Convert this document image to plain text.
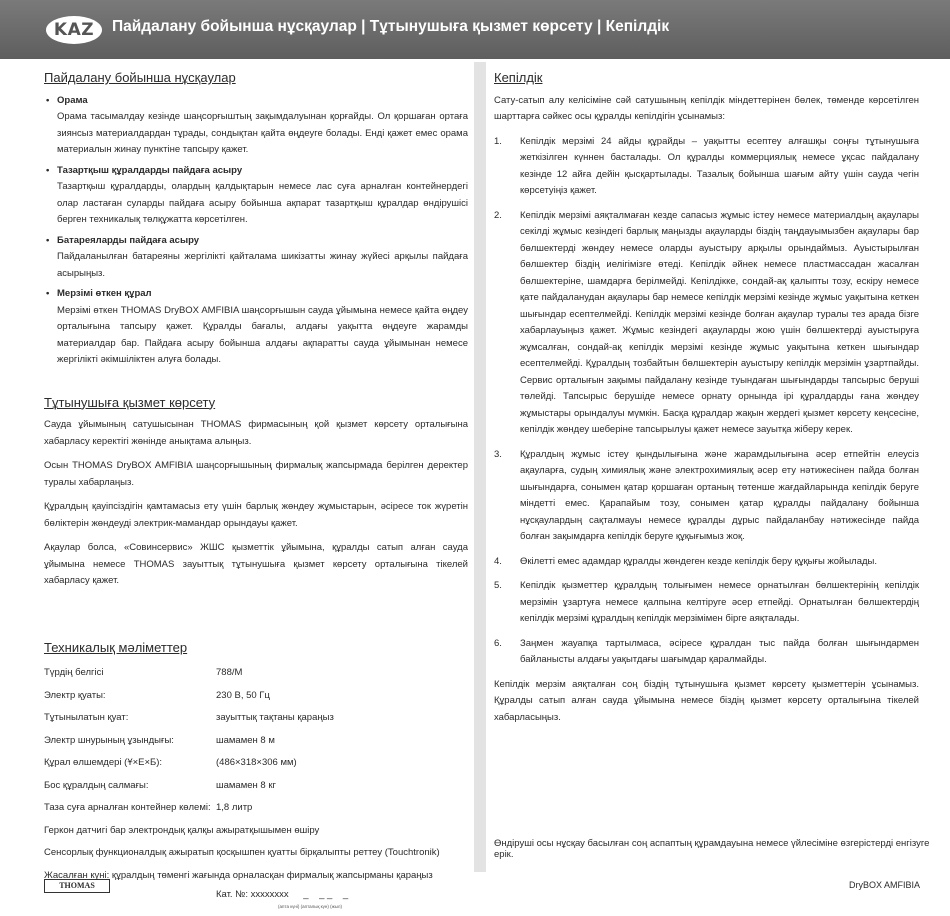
KAZ	Пайдалану бойынша нұсқаулар | Тұтынушыға қызмет көрсету | Кепілдік
Пайдалану бойынша нұсқаулар
• Орама
Орама тасымалдау кезінде шаңсорғыштың зақымдалуынан қорғайды. Ол қоршаған ортаға зиянсыз материалдардан тұрады, сондықтан қайта өңдеуге болады. Енді қажет емес орама материалын жинау пунктіне тапсыру қажет.
• Тазартқыш құралдарды пайдаға асыру
Тазартқыш құралдарды, олардың қалдықтарын немесе лас суға арналған контейнердегі олар ластаған суларды пайдаға асыру бойынша ақпарат тазартқыш құралдар өндірушісі берген техникалық төлқұжатта көрсетілген.
• Батареяларды пайдаға асыру
Пайдаланылған батареяны жергілікті қайталама шикізатты жинау жүйесі арқылы пайдаға асырыңыз.
• Мерзімі өткен құрал
Мерзімі өткен THOMAS DryBOX AMFIBIA шаңсорғышын сауда ұйымына немесе қайта өңдеу орталығына тапсыру қажет. Құралды бағалы, алдағы уақытта өңдеуге жарамды материалдар бар. Пайдаға асыру бойынша алдағы ақпаратты сауда ұйымынан немесе жергілікті әкімшіліктен алуға болады.
Тұтынушыға қызмет көрсету

Сауда ұйымының сатушысынан THOMAS фирмасының қой қызмет көрсету орталығына хабарласу керектігі жөнінде анықтама алыңыз.

Осын THOMAS DryBOX AMFIBIA шаңсорғышының фирмалық жапсырмада берілген деректер туралы хабарлаңыз.

Құралдың қауіпсіздігін қамтамасыз ету үшін барлық жөндеу жұмыстарын, әсіресе ток жүретін бөліктерін жөндеуді электрик-мамандар орындауы қажет.

Ақаулар болса, «Совинсервис» ЖШС қызметтік ұйымына, құралды сатып алған сауда ұйымына немесе THOMAS зауыттық тұтынушыға қызмет көрсету орталығына тікелей хабарласу қажет.

Техникалық мәліметтер
Түрдің белгісі	788/M
Электр қуаты:	230 В, 50 Гц
Тұтынылатын қуат:	зауыттық тақтаны қараңыз
Электр шнурының ұзындығы:	шамамен 8 м
Құрал өлшемдері (Ұ×Е×Б):	(486×318×306 мм)
Бос құралдың салмағы:	шамамен 8 кг
Таза суға арналған контейнер көлемі: 1,8 литр
Геркон датчигі бар электрондық қалқы ажыратқышымен өшіру
Сенсорлық функционалдық ажыратып қосқышпен қуатты бірқалыпты реттеу (Touchtronik)
Жасалған күні: құралдың төменгі жағында орналасқан фирмалық жапсырманы қараңыз
Кат. №: xxxxxxxx _    _ _    _
(апта күні) (апталық күн) (жыл)
Кепілдік

Сату-сатып алу келісіміне сәй сатушының кепілдік міндеттерінен бөлек, төменде көрсетілген шарттарға сәйкес осы құралды кепілдігін ұсынамыз:

1. Кепілдік мерзімі 24 айды құрайды – уақытты есептеу алғашқы соңғы тұтынушыға жеткізілген күннен басталады. Ол құралды коммерциялық немесе ұқсас пайдалану кезінде 12 айға дейін қысқартылады. Тазалық бойынша шағым айту үшін сауда чегін көрсетуіңіз қажет.
2. Кепілдік мерзімі аяқталмаған кезде сапасыз жұмыс істеу немесе материалдың ақаулары секілді жұмыс кезіндегі барлық маңызды ақауларды біздің таңдауымызбен ақаулары бар бөлшектерді жөндеу немесе оларды ауыстыру арқылы орындаймыз. Ауыстырылған бөлшектер біздің иелігімізге өтеді. Кепілдік әйнек немесе пластмассадан жасалған бөлшектеріне, шамдарға берілмейді. Кепілдікке, сондай-ақ қалыпты тозу, ескіру немесе қате пайдаланудан ақаулары бар немесе кепілдік мерзімі кезінде жұмыс уақытына кеткен шығындар есептелмейді. Кепілдік мерзімі кезінде болған ақаулар туралы тез арада бізге хабарлауыңыз қажет. Жұмыс кезіндегі ақауларды жою үшін бөлшектерді ауыстыруға жұмсалған, сондай-ақ кепілдік мерзімі кезінде жұмыс уақытына кеткен шығындар есептелмейді. Құралдың тозбайтын бөлшектерін ауыстыру кепілдік мерзімін ұзартпайды. Сервис орталығын зақымы пайдалану кезінде туындаған шығындарды тапсырыс беруші төлейді. Тапсырыс берушіде немесе орнату орнында ірі құралдарды ғана жөндеу жұмыстары орындалуы мүмкін. Басқа құралдар жақын жердегі қызмет көрсету кеңсесіне, кепілдік жөндеу шеберіне тапсырылуы қажет немесе зауытқа жіберу керек.
3. Құралдың жұмыс істеу қындылығына және жарамдылығына әсер етпейтін елеусіз ақауларға, судың химиялық және электрохимиялық әсер ету нәтижесінен пайда болған шығындарға, сонымен қатар қоршаған ортаның төтенше жағдайларында кепілдік беруге міндетті емес. Қарапайым тозу, сонымен қатар құралды пайдалану бойынша нұсқаулардың сақталмауы немесе құралды дұрыс пайдаланбау нәтижесінде пайда болған зақымдарға кепілдік беруге құқығымыз жоқ.
4. Өкілетті емес адамдар құралды жөндеген кезде кепілдік беру құқығы жойылады.
5. Кепілдік қызметтер құралдың толығымен немесе орнатылған бөлшектерінің кепілдік мерзімін ұзартуға немесе қалпына келтіруге әсер етпейді. Орнатылған бөлшектердің кепілдік мерзімі құралдың кепілдік мерзімімен бірге аяқталады.
6. Заңмен жауапқа тартылмаса, әсіресе құралдан тыс пайда болған шығындармен байланысты алдағы уақытдағы шағымдар қаралмайды.

Кепілдік мерзім аяқталған соң біздің тұтынушыға қызмет көрсету қызметтерін ұсынамыз. Құралды сатып алған сауда ұйымына немесе біздің қызмет көрсету орталығына тікелей хабарласыңыз.

Өндіруші осы нұсқау басылған соң аспаптың құрамдауына немесе үйлесіміне өзгерістерді енгізуге ерік.
THOMAS	DryBOX AMFIBIA
